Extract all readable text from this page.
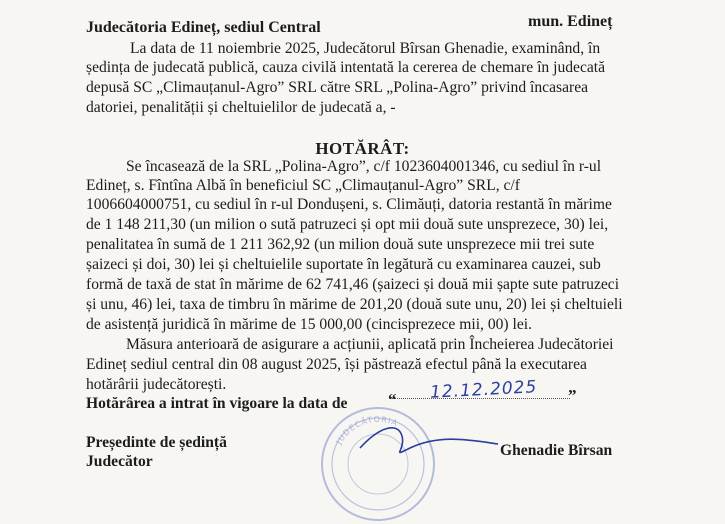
Judecătoria Edineț, sediul Central	mun. Edineț
La data de 11 noiembrie 2025, Judecătorul Bîrsan Ghenadie, examinând, în
ședința de judecată publică, cauza civilă intentată la cererea de chemare în judecată
depusă SC „Climauțanul-Agro” SRL către SRL „Polina-Agro” privind încasarea
datoriei, penalității și cheltuielilor de judecată a, -
HOTĂRÂT:
Se încasează de la SRL „Polina-Agro”, c/f 1023604001346, cu sediul în r-ul
Edineț, s. Fîntîna Albă în beneficiul SC „Climauțanul-Agro” SRL, c/f
1006604000751, cu sediul în r-ul Dondușeni, s. Climăuți, datoria restantă în mărime
de 1 148 211,30 (un milion o sută patruzeci și opt mii două sute unsprezece, 30) lei,
penalitatea în sumă de 1 211 362,92 (un milion două sute unsprezece mii trei sute
șaizeci și doi, 30) lei și cheltuielile suportate în legătură cu examinarea cauzei, sub
formă de taxă de stat în mărime de 62 741,46 (șaizeci și două mii șapte sute patruzeci
și unu, 46) lei, taxa de timbru în mărime de 201,20 (două sute unu, 20) lei și cheltuieli
de asistență juridică în mărime de 15 000,00 (cincisprezece mii, 00) lei.
Măsura anterioară de asigurare a acțiunii, aplicată prin Încheierea Judecătoriei
Edineț sediul central din 08 august 2025, își păstrează efectul până la executarea
hotărârii judecătorești.
Hotărârea a intrat în vigoare la data de “ 12.12.2025 ”
JUDECĂTORIA
Președinte de ședință
Judecător
Ghenadie Bîrsan
